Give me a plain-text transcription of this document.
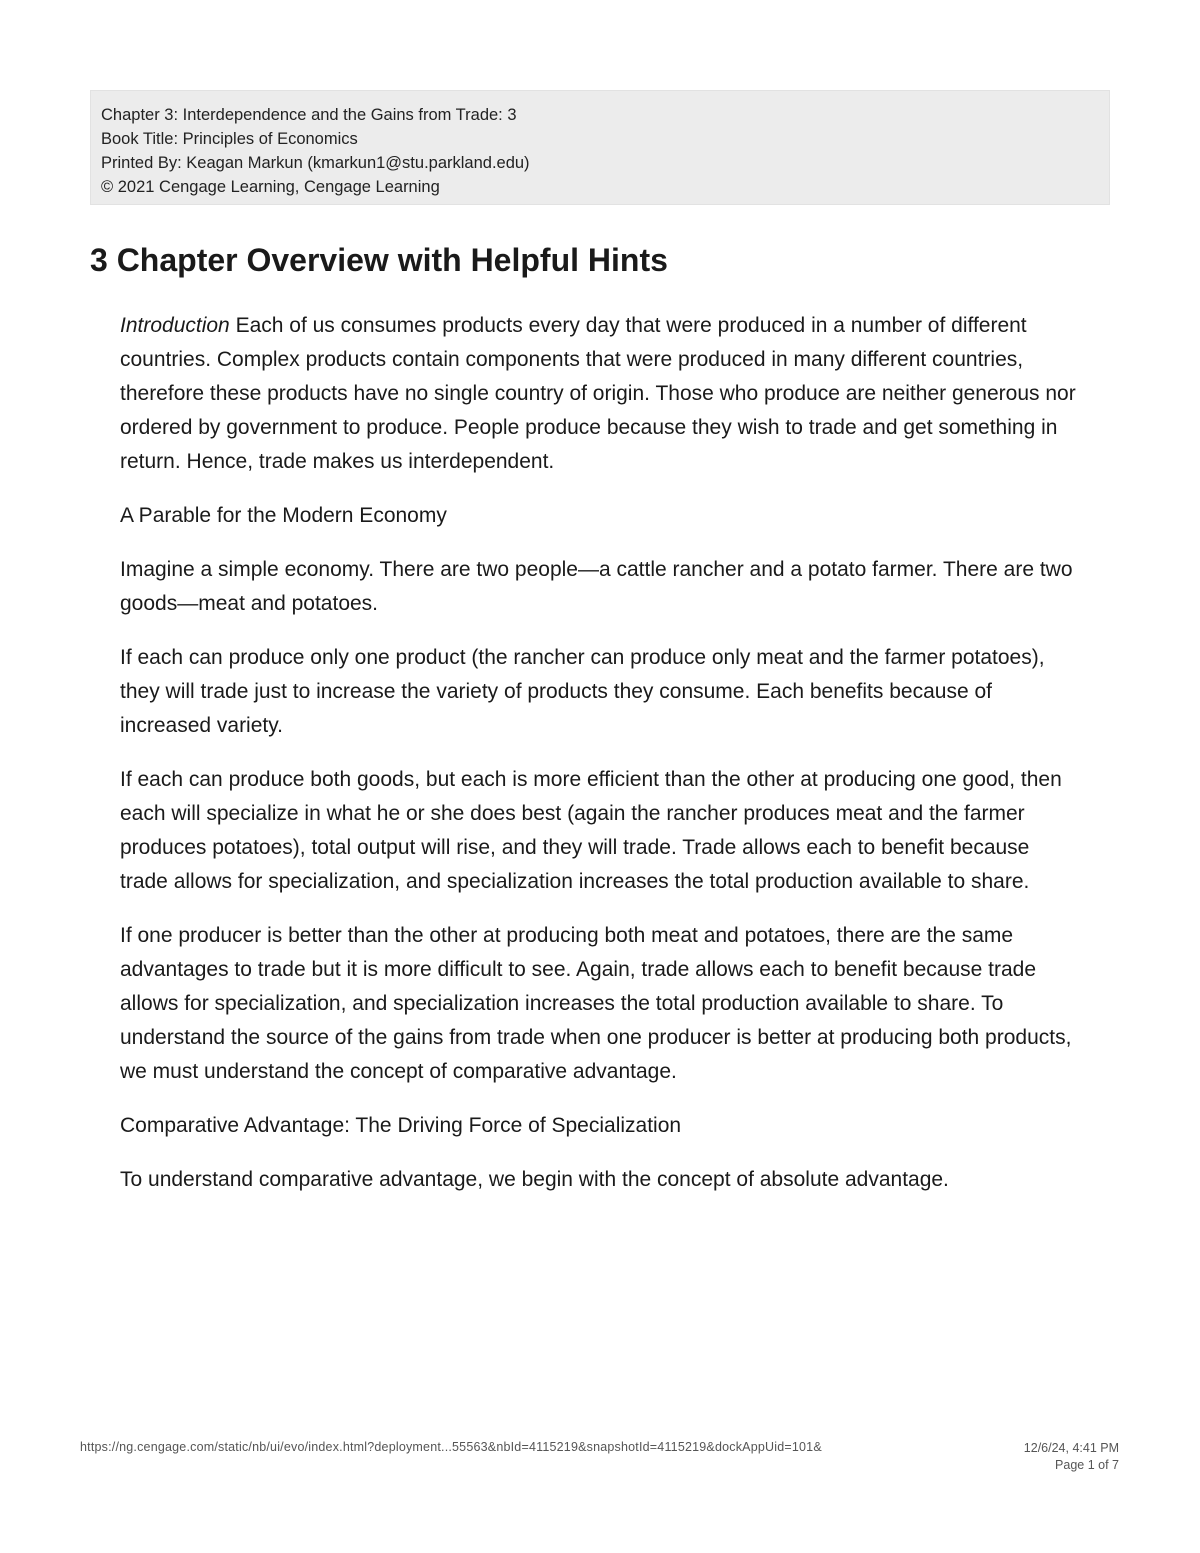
Chapter 3: Interdependence and the Gains from Trade: 3
Book Title: Principles of Economics
Printed By: Keagan Markun (kmarkun1@stu.parkland.edu)
© 2021 Cengage Learning, Cengage Learning
3 Chapter Overview with Helpful Hints

Introduction Each of us consumes products every day that were produced in a number of different countries. Complex products contain components that were produced in many different countries, therefore these products have no single country of origin. Those who produce are neither generous nor ordered by government to produce. People produce because they wish to trade and get something in return. Hence, trade makes us interdependent.

A Parable for the Modern Economy

Imagine a simple economy. There are two people—a cattle rancher and a potato farmer. There are two goods—meat and potatoes.

If each can produce only one product (the rancher can produce only meat and the farmer potatoes), they will trade just to increase the variety of products they consume. Each benefits because of increased variety.

If each can produce both goods, but each is more efficient than the other at producing one good, then each will specialize in what he or she does best (again the rancher produces meat and the farmer produces potatoes), total output will rise, and they will trade. Trade allows each to benefit because trade allows for specialization, and specialization increases the total production available to share.

If one producer is better than the other at producing both meat and potatoes, there are the same advantages to trade but it is more difficult to see. Again, trade allows each to benefit because trade allows for specialization, and specialization increases the total production available to share. To understand the source of the gains from trade when one producer is better at producing both products, we must understand the concept of comparative advantage.

Comparative Advantage: The Driving Force of Specialization

To understand comparative advantage, we begin with the concept of absolute advantage.

https://ng.cengage.com/static/nb/ui/evo/index.html?deployment...55563&nbId=4115219&snapshotId=4115219&dockAppUid=101&	12/6/24, 4:41 PM
Page 1 of 7
